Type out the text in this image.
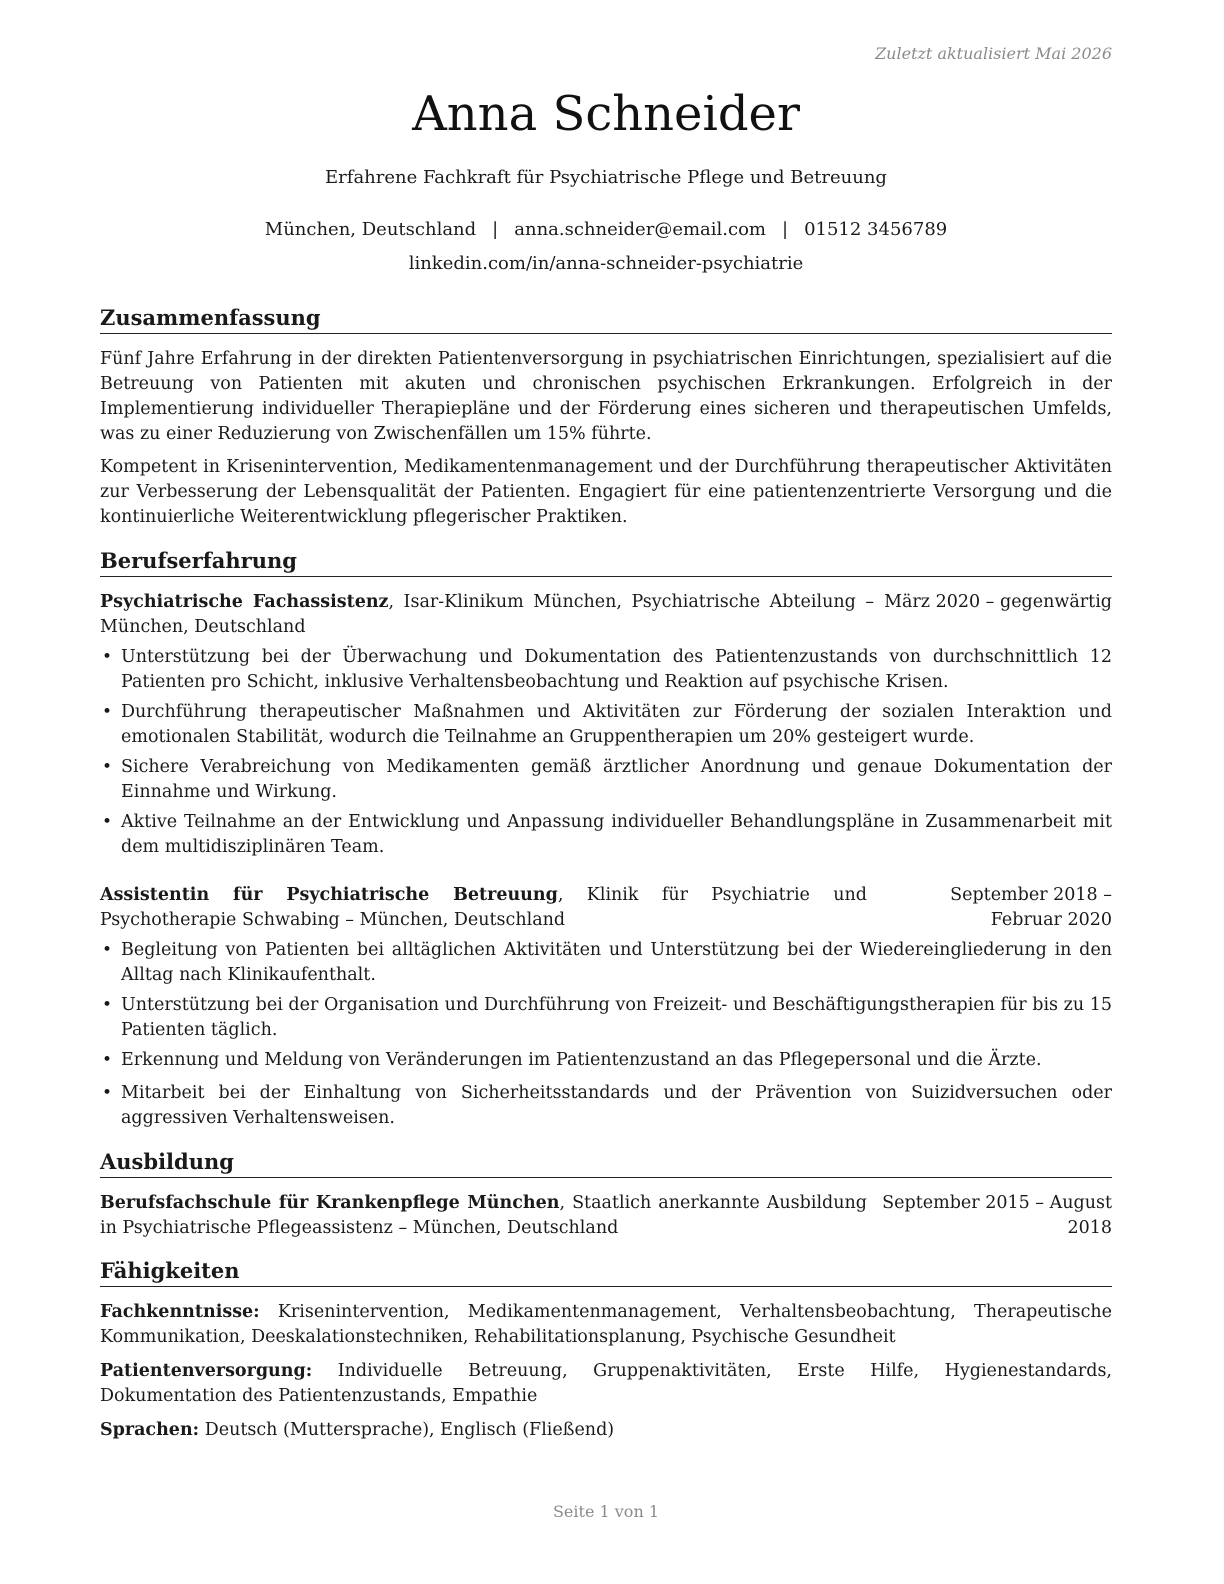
Zuletzt aktualisiert Mai 2026
Anna Schneider
Erfahrene Fachkraft für Psychiatrische Pflege und Betreuung
München, Deutschland | anna.schneider@email.com | 01512 3456789
linkedin.com/in/anna-schneider-psychiatrie
Zusammenfassung

Fünf Jahre Erfahrung in der direkten Patientenversorgung in psychiatrischen Einrichtungen, spezialisiert auf die Betreuung von Patienten mit akuten und chronischen psychischen Erkrankungen. Erfolgreich in der Implementierung individueller Therapiepläne und der Förderung eines sicheren und therapeutischen Umfelds, was zu einer Reduzierung von Zwischenfällen um 15% führte.

Kompetent in Krisenintervention, Medikamentenmanagement und der Durchführung therapeutischer Aktivitäten zur Verbesserung der Lebensqualität der Patienten. Engagiert für eine patientenzentrierte Versorgung und die kontinuierliche Weiterentwicklung pflegerischer Praktiken.

Berufserfahrung
Psychiatrische Fachassistenz, Isar-Klinikum München, Psychiatrische Abteilung – München, Deutschland
März 2020 – gegenwärtig
• Unterstützung bei der Überwachung und Dokumentation des Patientenzustands von durchschnittlich 12 Patienten pro Schicht, inklusive Verhaltensbeobachtung und Reaktion auf psychische Krisen.
• Durchführung therapeutischer Maßnahmen und Aktivitäten zur Förderung der sozialen Interaktion und emotionalen Stabilität, wodurch die Teilnahme an Gruppentherapien um 20% gesteigert wurde.
• Sichere Verabreichung von Medikamenten gemäß ärztlicher Anordnung und genaue Dokumentation der Einnahme und Wirkung.
• Aktive Teilnahme an der Entwicklung und Anpassung individueller Behandlungspläne in Zusammenarbeit mit dem multidisziplinären Team.
Assistentin für Psychiatrische Betreuung, Klinik für Psychiatrie und Psychotherapie Schwabing – München, Deutschland
September 2018 – Februar 2020
• Begleitung von Patienten bei alltäglichen Aktivitäten und Unterstützung bei der Wiedereingliederung in den Alltag nach Klinikaufenthalt.
• Unterstützung bei der Organisation und Durchführung von Freizeit- und Beschäftigungstherapien für bis zu 15 Patienten täglich.
• Erkennung und Meldung von Veränderungen im Patientenzustand an das Pflegepersonal und die Ärzte.
• Mitarbeit bei der Einhaltung von Sicherheitsstandards und der Prävention von Suizidversuchen oder aggressiven Verhaltensweisen.
Ausbildung
Berufsfachschule für Krankenpflege München, Staatlich anerkannte Ausbildung in Psychiatrische Pflegeassistenz – München, Deutschland
September 2015 – August 2018
Fähigkeiten

Fachkenntnisse: Krisenintervention, Medikamentenmanagement, Verhaltensbeobachtung, Therapeutische Kommunikation, Deeskalationstechniken, Rehabilitationsplanung, Psychische Gesundheit

Patientenversorgung: Individuelle Betreuung, Gruppenaktivitäten, Erste Hilfe, Hygienestandards, Dokumentation des Patientenzustands, Empathie

Sprachen: Deutsch (Muttersprache), Englisch (Fließend)

Seite 1 von 1
